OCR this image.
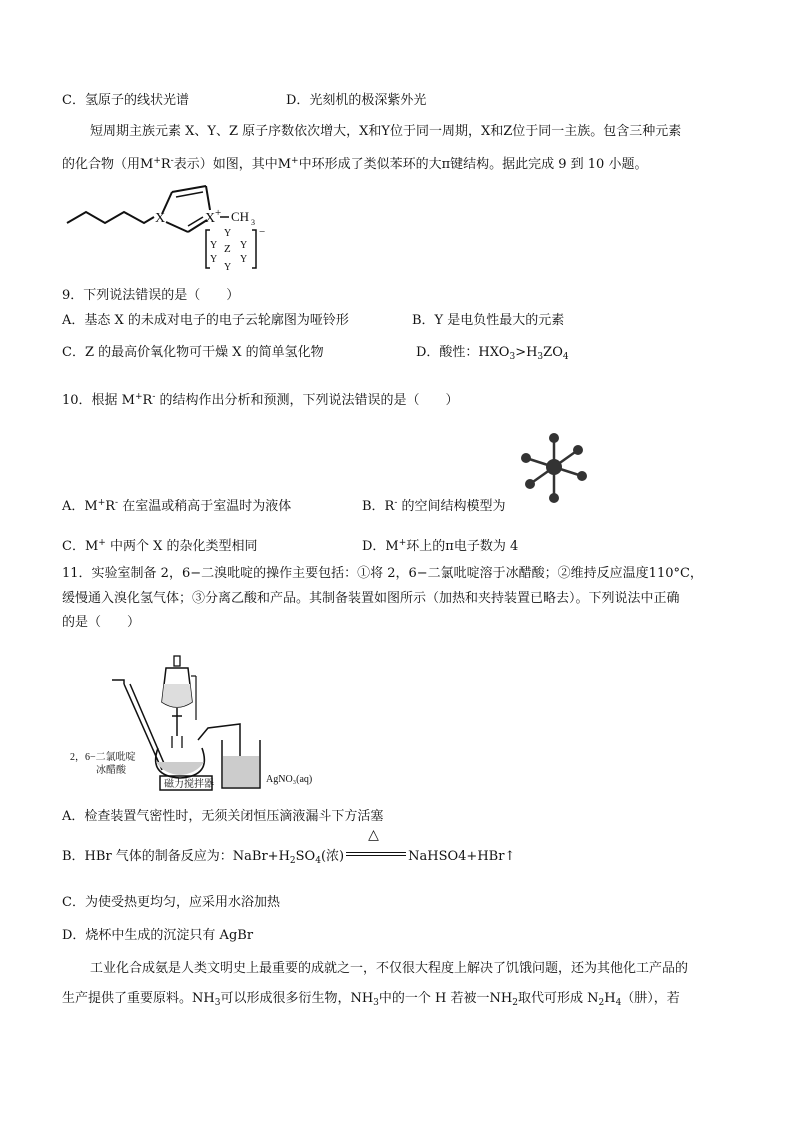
C．氢原子的线状光谱	D．光刻机的极深紫外光
短周期主族元素 X、Y、Z 原子序数依次增大，X和Y位于同一周期，X和Z位于同一主族。包含三种元素
的化合物（用M+R-表示）如图，其中M+中环形成了类似苯环的大π键结构。据此完成 9 到 10 小题。
X	X + CH 3
−
Y
Y Z Y
Y Y
Y
9．下列说法错误的是（　　）
A．基态 X 的未成对电子的电子云轮廓图为哑铃形	B．Y 是电负性最大的元素
C．Z 的最高价氧化物可干燥 X 的简单氢化物	D．酸性：$HXO_3>H_3ZO_4$
10．根据 M+R- 的结构作出分析和预测，下列说法错误的是（　　）
A．M+R- 在室温或稍高于室温时为液体	B．R- 的空间结构模型为
C．M+ 中两个 X 的杂化类型相同	D．M+环上的π电子数为 4
11．实验室制备 2，6−二溴吡啶的操作主要包括：①将 2，6−二氯吡啶溶于冰醋酸；②维持反应温度110°C，
缓慢通入溴化氢气体；③分离乙酸和产品。其制备装置如图所示（加热和夹持装置已略去）。下列说法中正确
的是（　　）
磁力搅拌器
2，6−二氯吡啶
冰醋酸
AgNO₃(aq)
A．检查装置气密性时，无须关闭恒压滴液漏斗下方活塞
B．HBr 气体的制备反应为：$NaBr+H_2SO_4$(浓)
△
NaHSO4+HBr↑
C．为使受热更均匀，应采用水浴加热
D．烧杯中生成的沉淀只有 AgBr
工业化合成氨是人类文明史上最重要的成就之一，不仅很大程度上解决了饥饿问题，还为其他化工产品的
生产提供了重要原料。$NH_3$可以形成很多衍生物，$NH_3$中的一个 H 若被一$NH_2$取代可形成 $N_2H_4$（肼），若
